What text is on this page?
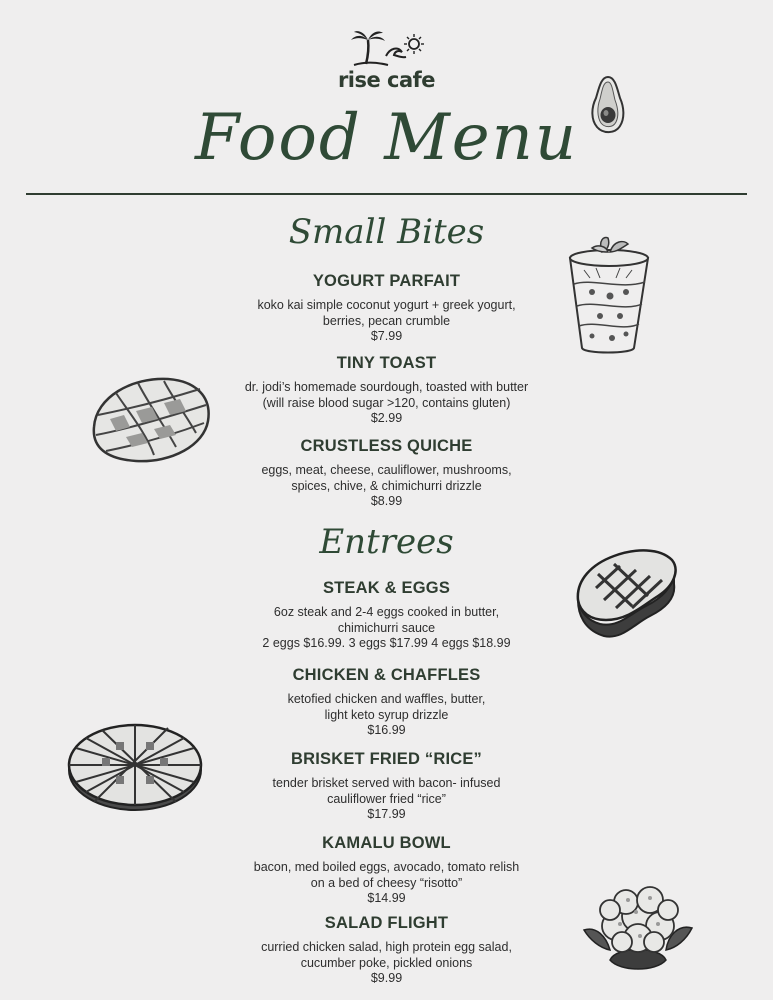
rise cafe
Food Menu
Small Bites
YOGURT PARFAIT
koko kai simple coconut yogurt + greek yogurt,
berries, pecan crumble
$7.99
TINY TOAST
dr. jodi’s homemade sourdough, toasted with butter
(will raise blood sugar >120, contains gluten)
$2.99
CRUSTLESS QUICHE
eggs, meat, cheese, cauliflower, mushrooms,
spices, chive, & chimichurri drizzle
$8.99
Entrees
STEAK & EGGS
6oz steak and 2-4 eggs cooked in butter,
chimichurri sauce
2 eggs $16.99. 3 eggs $17.99 4 eggs $18.99
CHICKEN & CHAFFLES
ketofied chicken and waffles, butter,
light keto syrup drizzle
$16.99
BRISKET FRIED “RICE”
tender brisket served with bacon- infused
cauliflower fried “rice”
$17.99
KAMALU BOWL
bacon, med boiled eggs, avocado, tomato relish
on a bed of cheesy “risotto”
$14.99
SALAD FLIGHT
curried chicken salad, high protein egg salad,
cucumber poke, pickled onions
$9.99
